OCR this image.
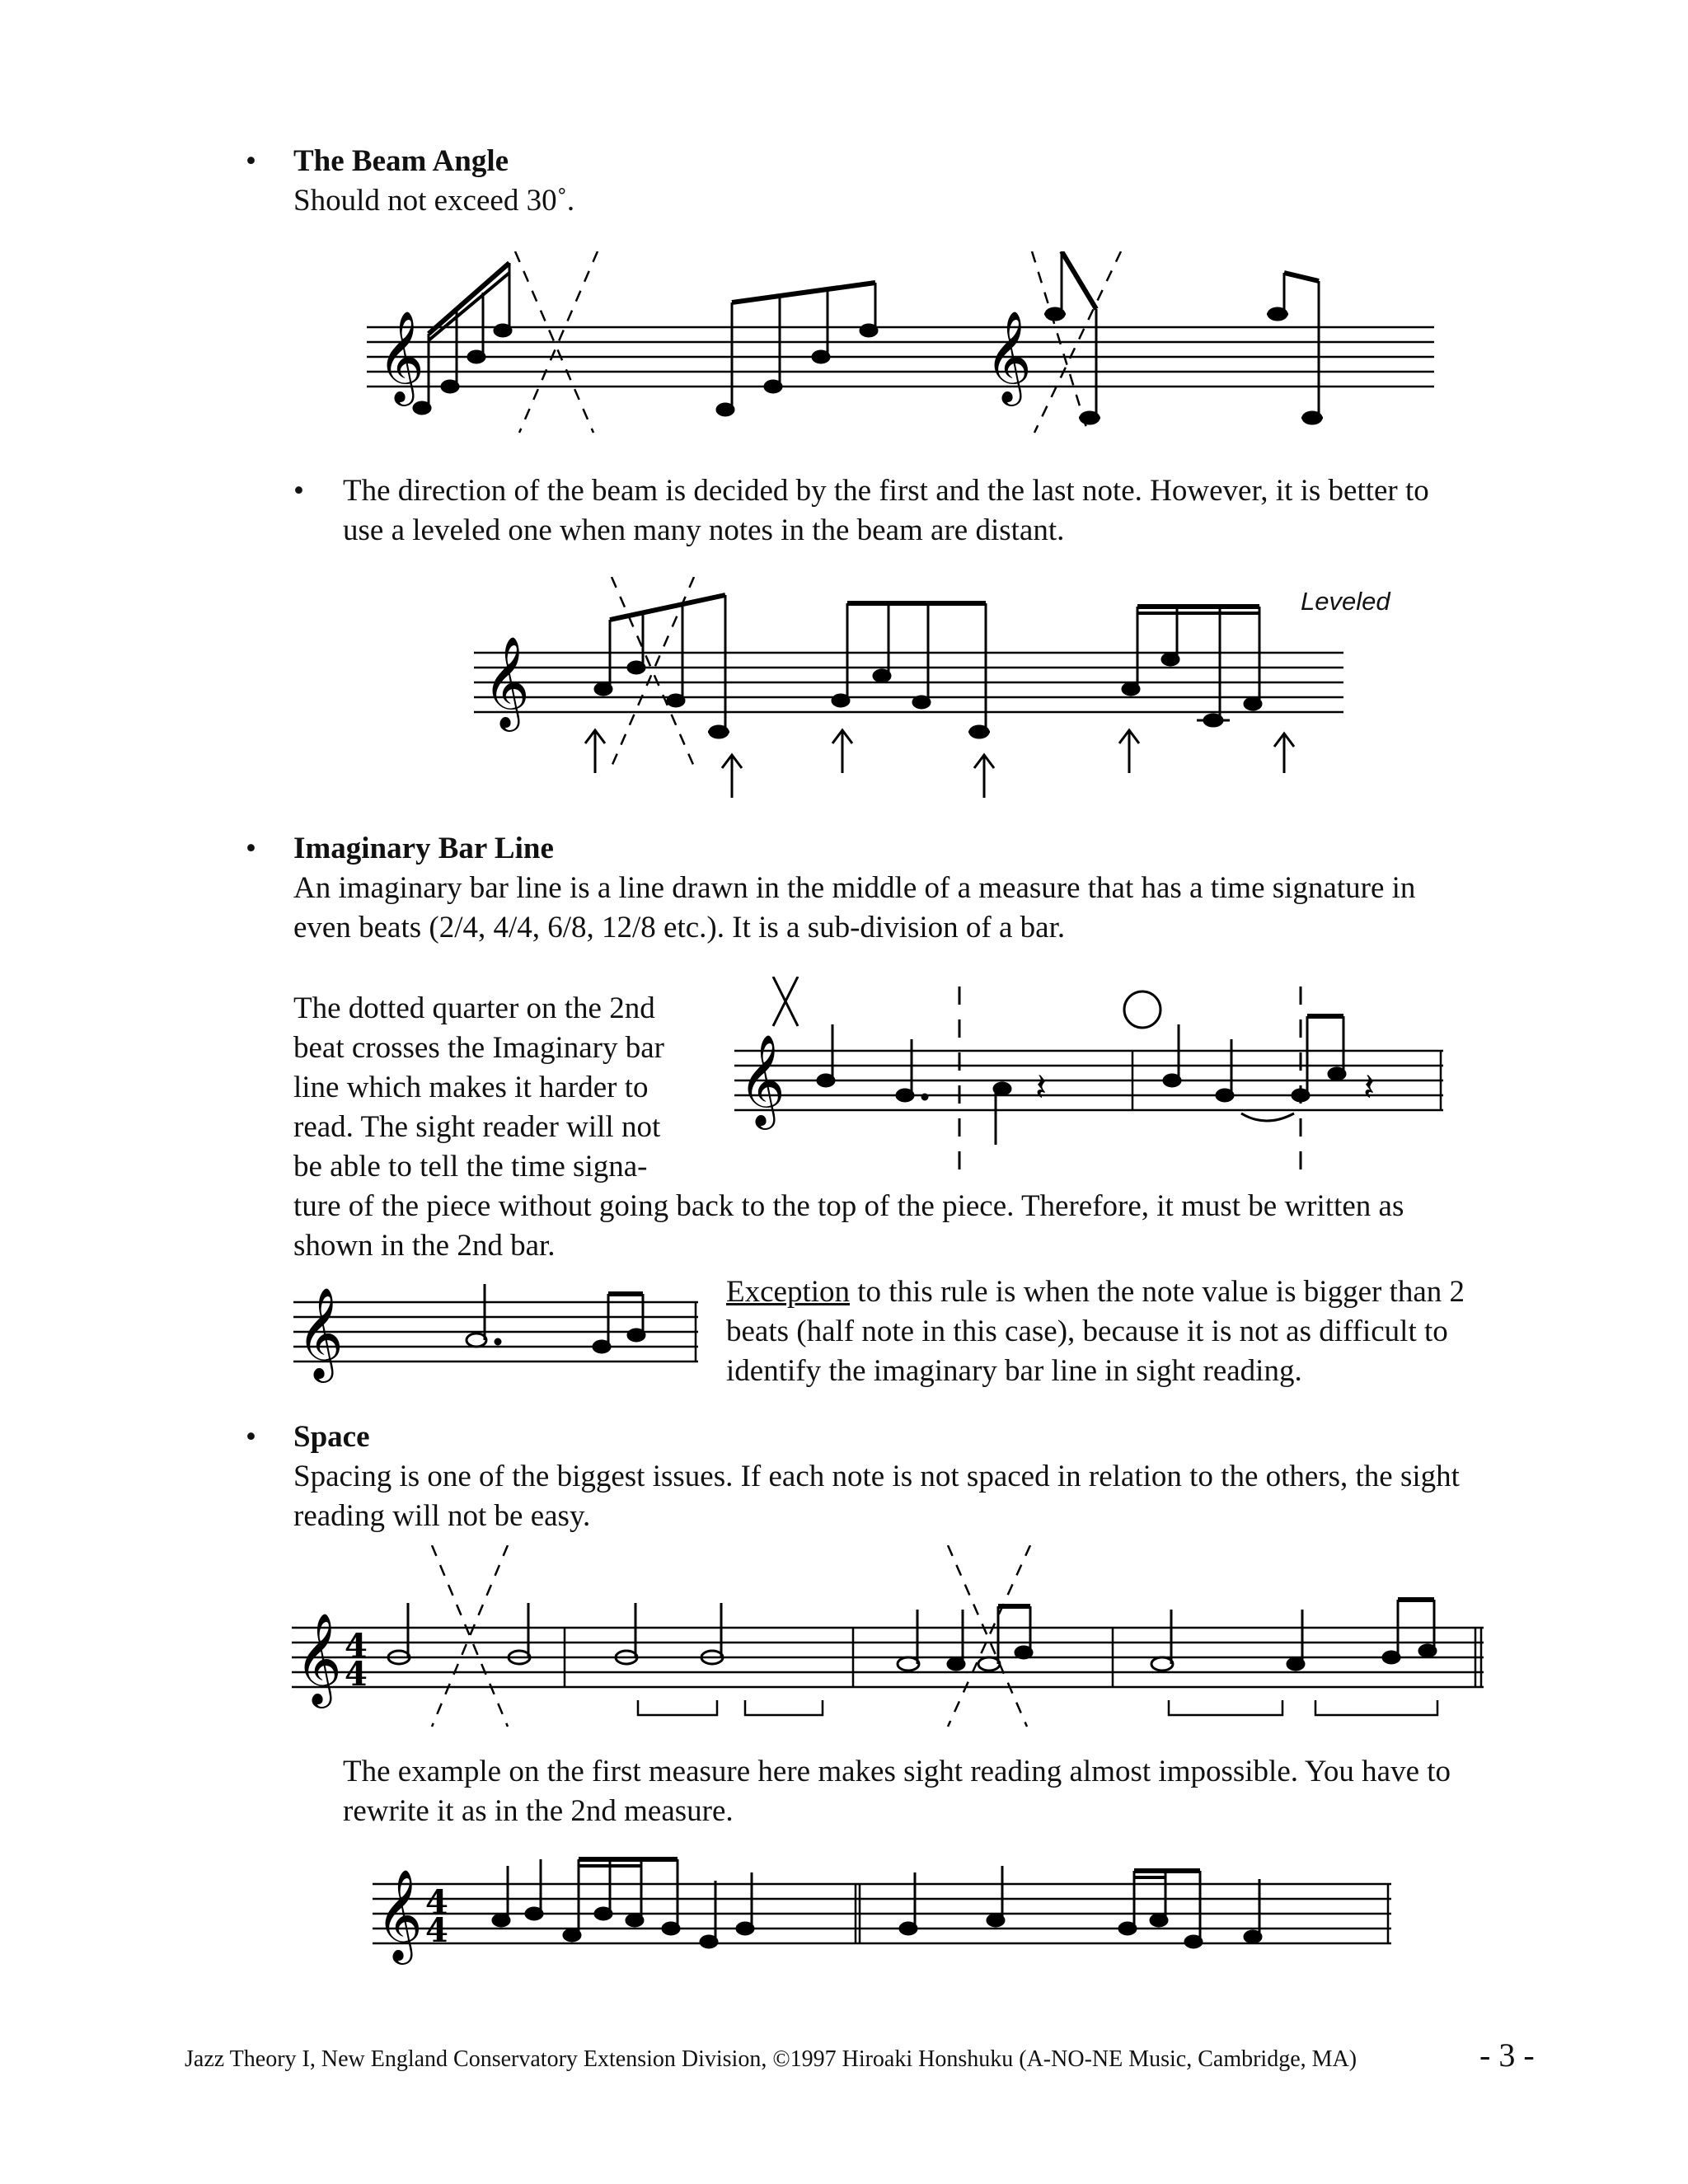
• The Beam Angle
Should not exceed 30˚.
𝄞	𝄞
• The direction of the beam is decided by the first and the last note. However, it is better to
use a leveled one when many notes in the beam are distant.
𝄞
Leveled
• Imaginary Bar Line
An imaginary bar line is a line drawn in the middle of a measure that has a time signature in
even beats (2/4, 4/4, 6/8, 12/8 etc.). It is a sub-division of a bar.
The dotted quarter on the 2nd
beat crosses the Imaginary bar
line which makes it harder to
read. The sight reader will not
be able to tell the time signa-
𝄞	𝄽	𝄽
ture of the piece without going back to the top of the piece. Therefore, it must be written as
shown in the 2nd bar.
𝄞	Exception to this rule is when the note value is bigger than 2
beats (half note in this case), because it is not as difficult to
identify the imaginary bar line in sight reading.
• Space
Spacing is one of the biggest issues. If each note is not spaced in relation to the others, the sight
reading will not be easy.
𝄞 4
4
The example on the first measure here makes sight reading almost impossible. You have to
rewrite it as in the 2nd measure.
𝄞 4
4
Jazz Theory I, New England Conservatory Extension Division, ©1997 Hiroaki Honshuku (A-NO-NE Music, Cambridge, MA)	- 3 -
